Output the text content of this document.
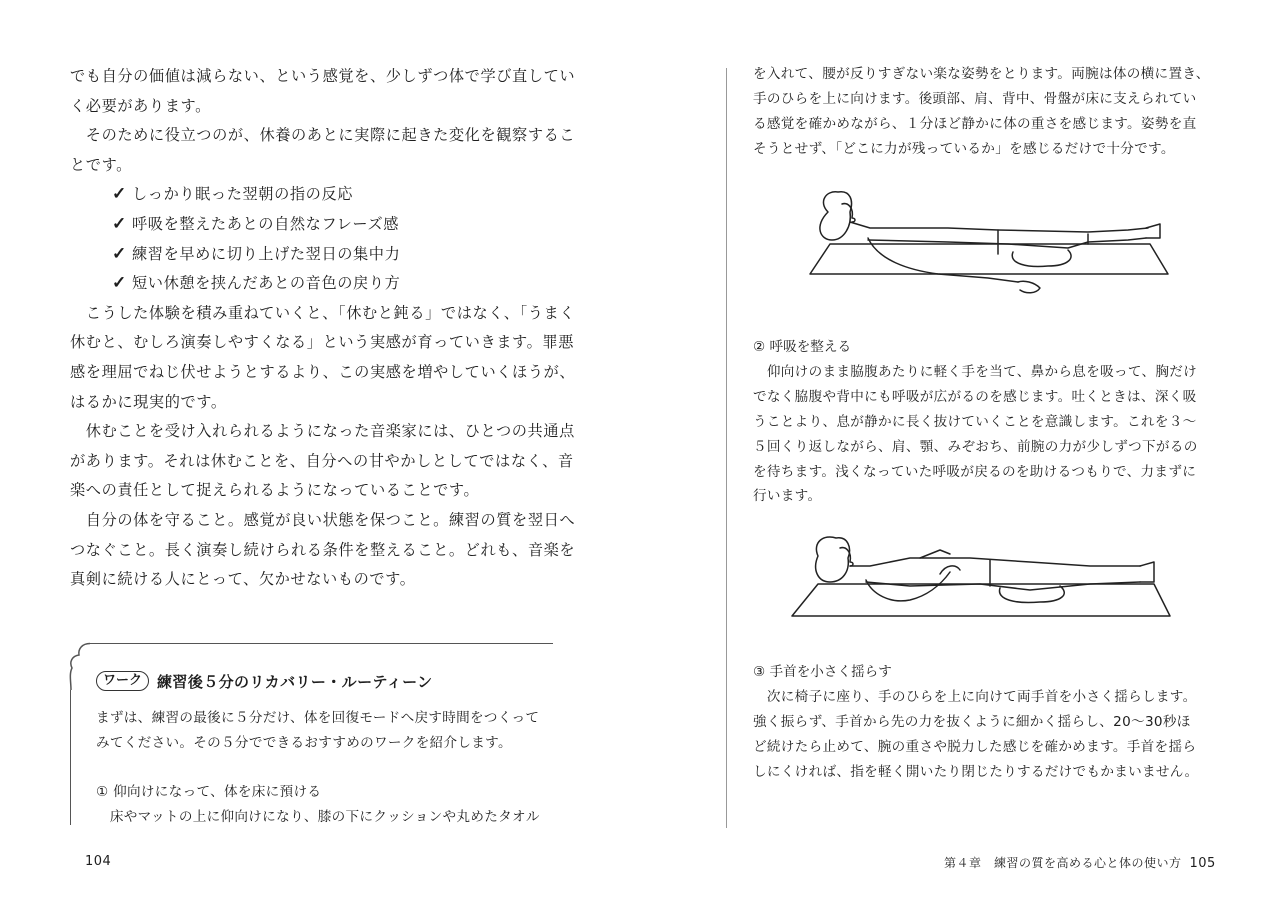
でも自分の価値は減らない、という感覚を、少しずつ体で学び直してい
く必要があります。
　そのために役立つのが、休養のあとに実際に起きた変化を観察するこ
とです。
✓ しっかり眠った翌朝の指の反応
✓ 呼吸を整えたあとの自然なフレーズ感
✓ 練習を早めに切り上げた翌日の集中力
✓ 短い休憩を挟んだあとの音色の戻り方
　こうした体験を積み重ねていくと、「休むと鈍る」ではなく、「うまく
休むと、むしろ演奏しやすくなる」という実感が育っていきます。罪悪
感を理屈でねじ伏せようとするより、この実感を増やしていくほうが、
はるかに現実的です。
　休むことを受け入れられるようになった音楽家には、ひとつの共通点
があります。それは休むことを、自分への甘やかしとしてではなく、音
楽への責任として捉えられるようになっていることです。
　自分の体を守ること。感覚が良い状態を保つこと。練習の質を翌日へ
つなぐこと。長く演奏し続けられる条件を整えること。どれも、音楽を
真剣に続ける人にとって、欠かせないものです。
ワーク	練習後５分のリカバリー・ルーティーン
まずは、練習の最後に５分だけ、体を回復モードへ戻す時間をつくって
みてください。その５分でできるおすすめのワークを紹介します。
① 仰向けになって、体を床に預ける
　床やマットの上に仰向けになり、膝の下にクッションや丸めたタオル
104
を入れて、腰が反りすぎない楽な姿勢をとります。両腕は体の横に置き、
手のひらを上に向けます。後頭部、肩、背中、骨盤が床に支えられてい
る感覚を確かめながら、１分ほど静かに体の重さを感じます。姿勢を直
そうとせず、「どこに力が残っているか」を感じるだけで十分です。
② 呼吸を整える
　仰向けのまま脇腹あたりに軽く手を当て、鼻から息を吸って、胸だけ
でなく脇腹や背中にも呼吸が広がるのを感じます。吐くときは、深く吸
うことより、息が静かに長く抜けていくことを意識します。これを３〜
５回くり返しながら、肩、顎、みぞおち、前腕の力が少しずつ下がるの
を待ちます。浅くなっていた呼吸が戻るのを助けるつもりで、力まずに
行います。
③ 手首を小さく揺らす
　次に椅子に座り、手のひらを上に向けて両手首を小さく揺らします。
強く振らず、手首から先の力を抜くように細かく揺らし、20〜30秒ほ
ど続けたら止めて、腕の重さや脱力した感じを確かめます。手首を揺ら
しにくければ、指を軽く開いたり閉じたりするだけでもかまいません。
第４章　練習の質を高める心と体の使い方 105
